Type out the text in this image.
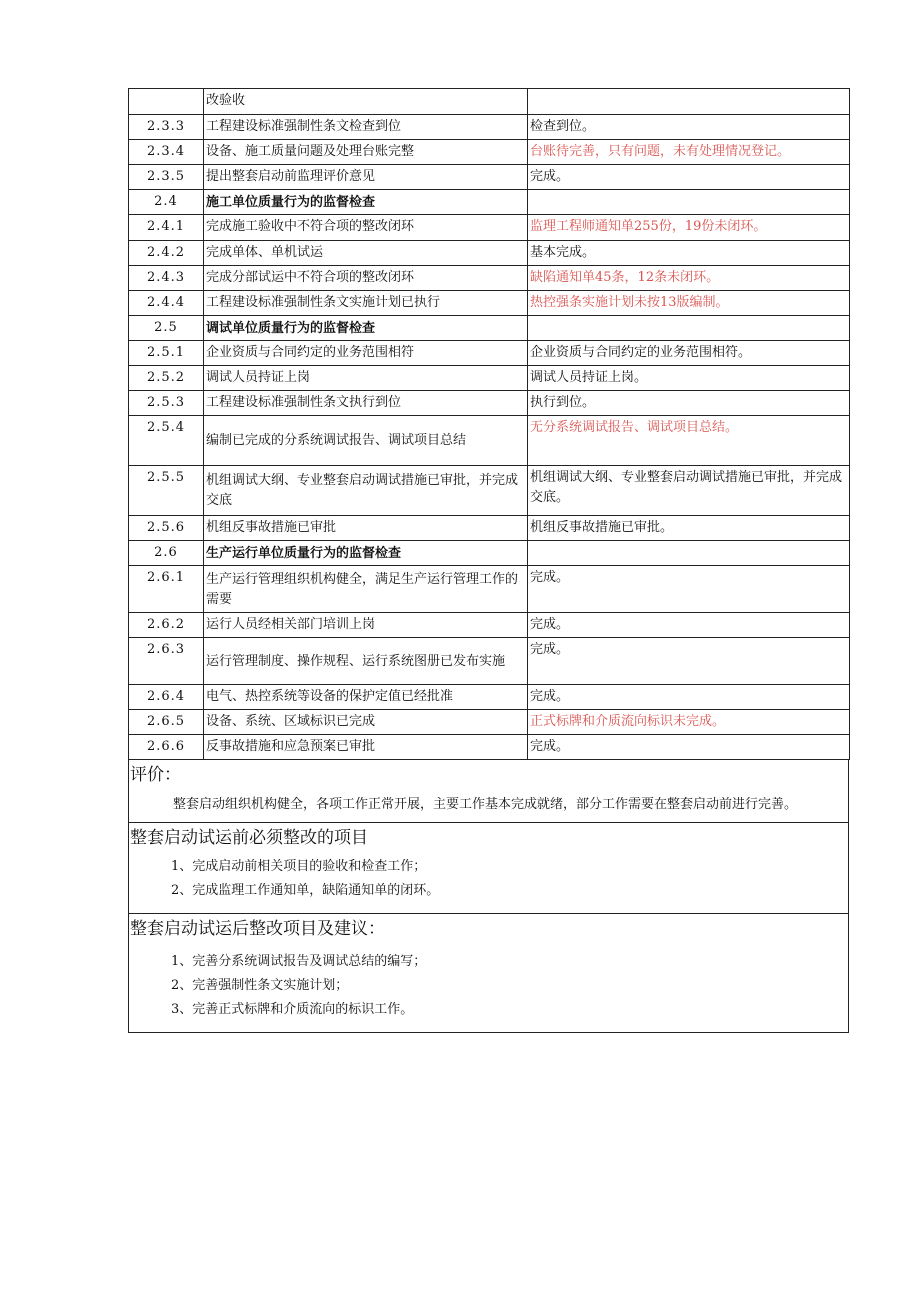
	改验收	
2.3.3	工程建设标准强制性条文检查到位	检查到位。
2.3.4	设备、施工质量问题及处理台账完整	台账待完善，只有问题，未有处理情况登记。
2.3.5	提出整套启动前监理评价意见	完成。
2.4	施工单位质量行为的监督检查	
2.4.1	完成施工验收中不符合项的整改闭环	监理工程师通知单255份，19份未闭环。
2.4.2	完成单体、单机试运	基本完成。
2.4.3	完成分部试运中不符合项的整改闭环	缺陷通知单45条，12条未闭环。
2.4.4	工程建设标准强制性条文实施计划已执行	热控强条实施计划未按13版编制。
2.5	调试单位质量行为的监督检查	
2.5.1	企业资质与合同约定的业务范围相符	企业资质与合同约定的业务范围相符。
2.5.2	调试人员持证上岗	调试人员持证上岗。
2.5.3	工程建设标准强制性条文执行到位	执行到位。
2.5.4	编制已完成的分系统调试报告、调试项目总结	无分系统调试报告、调试项目总结。
2.5.5	机组调试大纲、专业整套启动调试措施已审批，并完成交底	机组调试大纲、专业整套启动调试措施已审批，并完成交底。
2.5.6	机组反事故措施已审批	机组反事故措施已审批。
2.6	生产运行单位质量行为的监督检查	
2.6.1	生产运行管理组织机构健全，满足生产运行管理工作的需要	完成。
2.6.2	运行人员经相关部门培训上岗	完成。
2.6.3	运行管理制度、操作规程、运行系统图册已发布实施	完成。
2.6.4	电气、热控系统等设备的保护定值已经批准	完成。
2.6.5	设备、系统、区域标识已完成	正式标牌和介质流向标识未完成。
2.6.6	反事故措施和应急预案已审批	完成。
评价：

整套启动组织机构健全，各项工作正常开展，主要工作基本完成就绪，部分工作需要在整套启动前进行完善。

整套启动试运前必须整改的项目

1、完成启动前相关项目的验收和检查工作；

2、完成监理工作通知单，缺陷通知单的闭环。

整套启动试运后整改项目及建议：

1、完善分系统调试报告及调试总结的编写；

2、完善强制性条文实施计划；

3、完善正式标牌和介质流向的标识工作。
